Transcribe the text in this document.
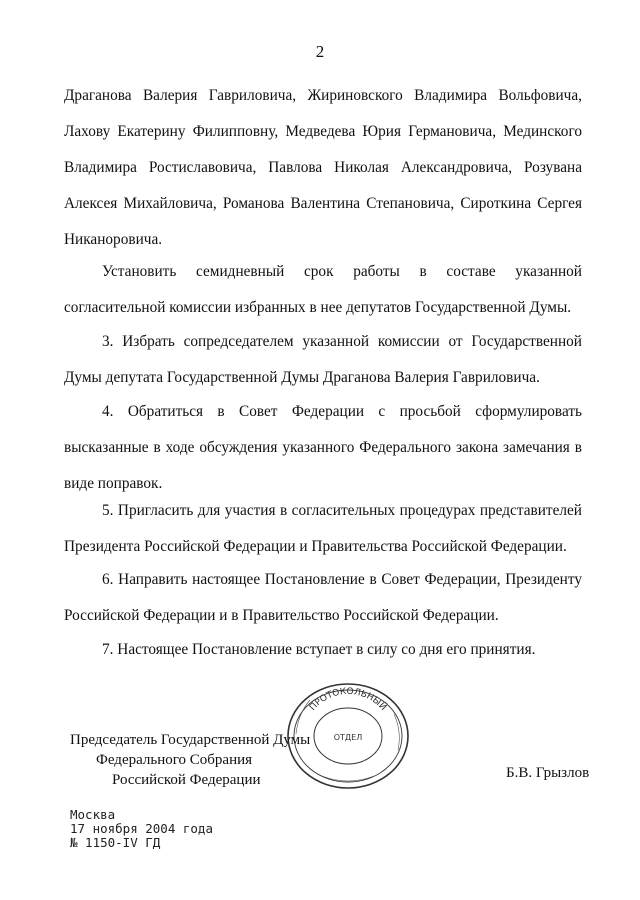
2
Драганова Валерия Гавриловича, Жириновского Владимира Вольфовича,
Лахову Екатерину Филипповну, Медведева Юрия Германовича, Мединского
Владимира Ростиславовича, Павлова Николая Александровича, Розувана
Алексея Михайловича, Романова Валентина Степановича, Сироткина Сергея
Никаноровича.
Установить семидневный срок работы в составе указанной
согласительной комиссии избранных в нее депутатов Государственной Думы.
3. Избрать сопредседателем указанной комиссии от Государственной
Думы депутата Государственной Думы Драганова Валерия Гавриловича.
4. Обратиться в Совет Федерации с просьбой сформулировать
высказанные в ходе обсуждения указанного Федерального закона замечания в
виде поправок.
5. Пригласить для участия в согласительных процедурах представителей
Президента Российской Федерации и Правительства Российской Федерации.
6. Направить настоящее Постановление в Совет Федерации, Президенту
Российской Федерации и в Правительство Российской Федерации.
7. Настоящее Постановление вступает в силу со дня его принятия.
ПРОТОКОЛЬНЫЙ
ОТДЕЛ
Председатель Государственной Думы
Федерального Собрания
Российской Федерации	Б.В. Грызлов
Москва
17 ноября 2004 года
№ 1150-IV ГД
